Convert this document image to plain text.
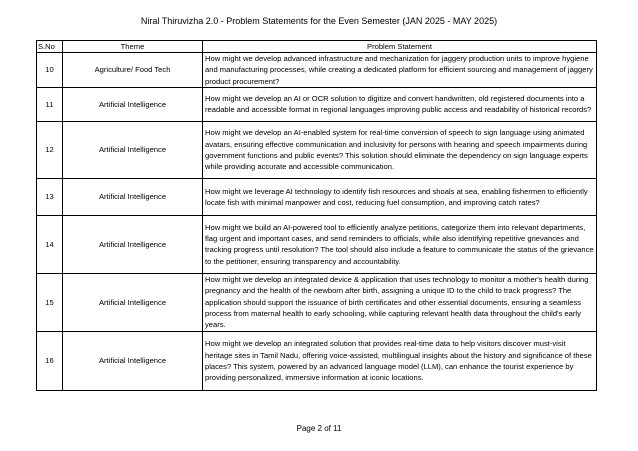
Niral Thiruvizha 2.0 - Problem Statements for the Even Semester (JAN 2025 - MAY 2025)
S.No	Theme	Problem Statement
10	Agriculture/ Food Tech	How might we develop advanced infrastructure and mechanization for jaggery production units to improve hygiene and manufacturing processes, while creating a dedicated platform for efficient sourcing and management of jaggery product procurement?
11	Artificial Intelligence	How might we develop an AI or OCR solution to digitize and convert handwritten, old registered documents into a readable and accessible format in regional languages improving public access and readability of historical records?
12	Artificial Intelligence	How might we develop an AI-enabled system for real-time conversion of speech to sign language using animated avatars, ensuring effective communication and inclusivity for persons with hearing and speech impairments during government functions and public events? This solution should eliminate the dependency on sign language experts while providing accurate and accessible communication.
13	Artificial Intelligence	How might we leverage AI technology to identify fish resources and shoals at sea, enabling fishermen to efficiently locate fish with minimal manpower and cost, reducing fuel consumption, and improving catch rates?
14	Artificial Intelligence	How might we build an AI-powered tool to efficiently analyze petitions, categorize them into relevant departments, flag urgent and important cases, and send reminders to officials, while also identifying repetitive grievances and tracking progress until resolution? The tool should also include a feature to communicate the status of the grievance to the petitioner, ensuring transparency and accountability.
15	Artificial Intelligence	How might we develop an integrated device & application that uses technology to monitor a mother's health during pregnancy and the health of the newborn after birth, assigning a unique ID to the child to track progress? The application should support the issuance of birth certificates and other essential documents, ensuring a seamless process from maternal health to early schooling, while capturing relevant health data throughout the child's early years.
16	Artificial Intelligence	How might we develop an integrated solution that provides real-time data to help visitors discover must-visit heritage sites in Tamil Nadu, offering voice-assisted, multilingual insights about the history and significance of these places? This system, powered by an advanced language model (LLM), can enhance the tourist experience by providing personalized, immersive information at iconic locations.
Page 2 of 11
